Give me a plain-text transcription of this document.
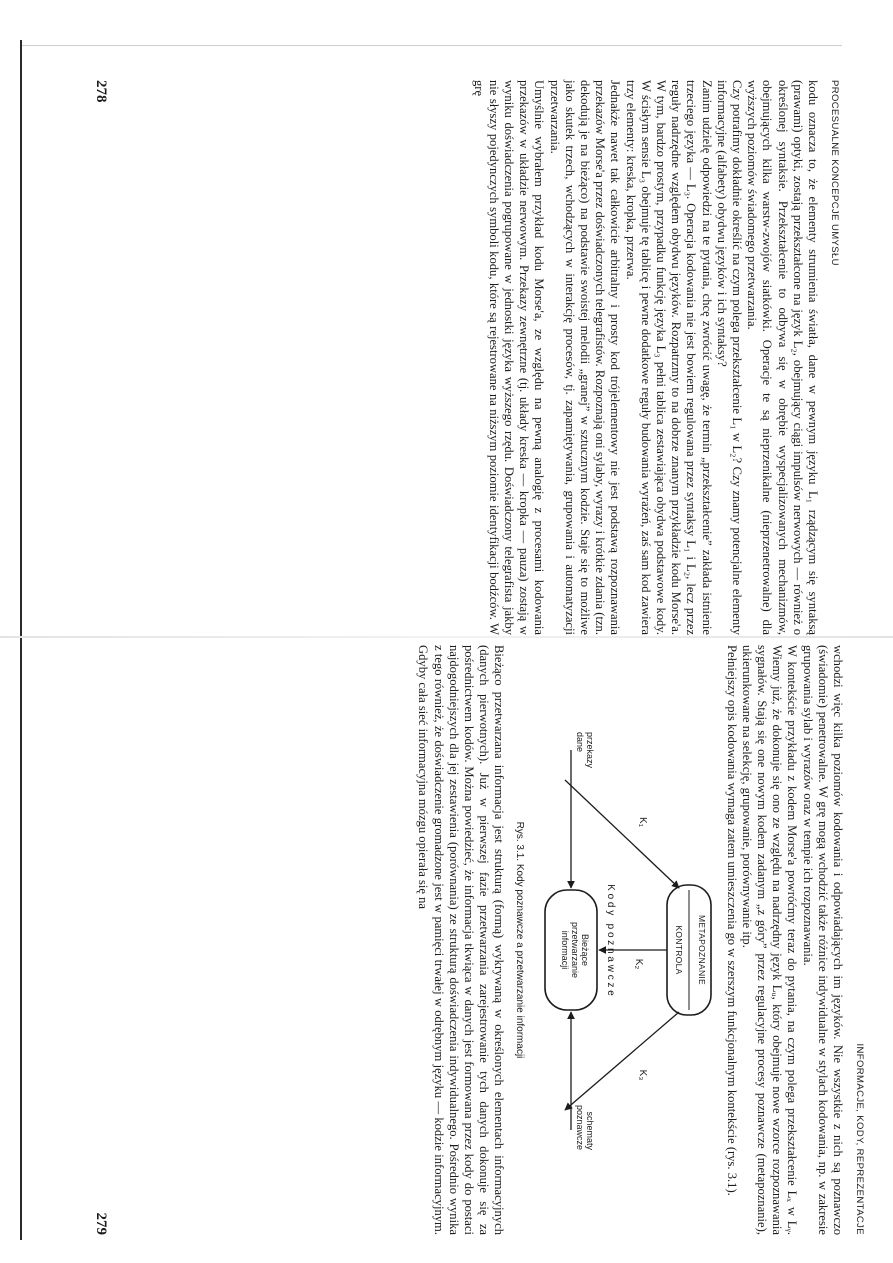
PROCESUALNE KONCEPCJE UMYSŁU

kodu oznacza to, że elementy strumienia światła, dane w pewnym języku L₁ rządzącym się syntaksą (prawami) optyki, zostają przekształcone na język L₂, obejmujący ciągi impulsów nerwowych — również o określonej syntaksie. Przekształcenie to odbywa się w obrębie wyspecjalizowanych mechanizmów, obejmujących kilka warstw-zwojów siatkówki. Operacje te są nieprzenikalne (nieprzenetrowalne) dla wyższych poziomów świadomego przetwarzania.

Czy potrafimy dokładnie określić na czym polega przekształcenie L₁ w L₂? Czy znamy potencjalne elementy informacyjne (alfabety) obydwu języków i ich syntaksy?

Zanim udzielę odpowiedzi na te pytania, chcę zwrócić uwagę, że termin „przekształcenie” zakłada istnienie trzeciego języka — L₃. Operacja kodowania nie jest bowiem regulowana przez syntaksy L₁ i L₂, lecz przez reguły nadrzędne względem obydwu języków. Rozpatrzmy to na dobrze znanym przykładzie kodu Morse'a. W tym, bardzo prostym, przypadku funkcję języka L₃ pełni tablica zestawiająca obydwa podstawowe kody. W ścisłym sensie L₃ obejmuje tę tablicę i pewne dodatkowe reguły budowania wyrażeń, zaś sam kod zawiera trzy elementy: kreska, kropka, przerwa.

Jednakże nawet tak całkowicie arbitralny i prosty kod trójelementowy nie jest podstawą rozpoznawania przekazów Morse'a przez doświadczonych telegrafistów. Rozpoznają oni sylaby, wyrazy i krótkie zdania (tzn. dekodują je na bieżąco) na podstawie swoistej melodii „granej” w sztucznym kodzie. Staje się to możliwe jako skutek trzech, wchodzących w interakcję procesów, tj. zapamiętywania, grupowania i automatyzacji przetwarzania.

Umyślnie wybrałem przykład kodu Morse'a, ze względu na pewną analogię z procesami kodowania przekazów w układzie nerwowym. Przekazy zewnętrzne (tj. układy kreska — kropka — pauza) zostają w wyniku doświadczenia pogrupowane w jednostki języka wyższego rzędu. Doświadczony telegrafista jakby nie słyszy pojedynczych symboli kodu, które są rejestrowane na niższym poziomie identyfikacji bodźców. W grę

278
INFORMACJE, KODY, REPREZENTACJE

wchodzi więc kilka poziomów kodowania i odpowiadających im języków. Nie wszystkie z nich są poznawczo (świadomie) penetrowalne. W grę mogą wchodzić także różnice indywidualne w stylach kodowania, np. w zakresie grupowania sylab i wyrazów oraz w tempie ich rozpoznawania.

W kontekście przykładu z kodem Morse'a powróćmy teraz do pytania, na czym polega przekształcenie Lₓ w Lᵧ. Wiemy już, że dokonuje się ono ze względu na nadrzędny język Lᵤ, który obejmuje nowe wzorce rozpoznawania sygnałów. Stają się one nowym kodem zadanym „z góry” przez regulacyjne procesy poznawcze (metapoznanie), ukierunkowane na selekcję, grupowanie, porównywanie itp.

Pełniejszy opis kodowania wymaga zatem umieszczenia go w szerszym funkcjonalnym kontekście (rys. 3.1).

METAPOZNANIE
KONTROLA
Bieżące przetwarzanie informacji
przekazy dane
schematy poznawcze
K₁
K₂
K₃
K o d y   p o z n a w c z e
Rys. 3.1. Kody poznawcze a przetwarzanie informacji

Bieżąco przetwarzana informacja jest strukturą (formą) wykrywaną w określonych elementach informacyjnych (danych pierwotnych). Już w pierwszej fazie przetwarzania zarejestrowanie tych danych dokonuje się za pośrednictwem kodów. Można powiedzieć, że informacja tkwiąca w danych jest formowana przez kody do postaci najdogodniejszych dla jej zestawienia (porównania) ze strukturą doświadczenia indywidualnego. Pośrednio wynika z tego również, że doświadczenie gromadzone jest w pamięci trwałej w odrębnym języku — kodzie informacyjnym. Gdyby cała sieć informacyjna mózgu opierała się na

279
